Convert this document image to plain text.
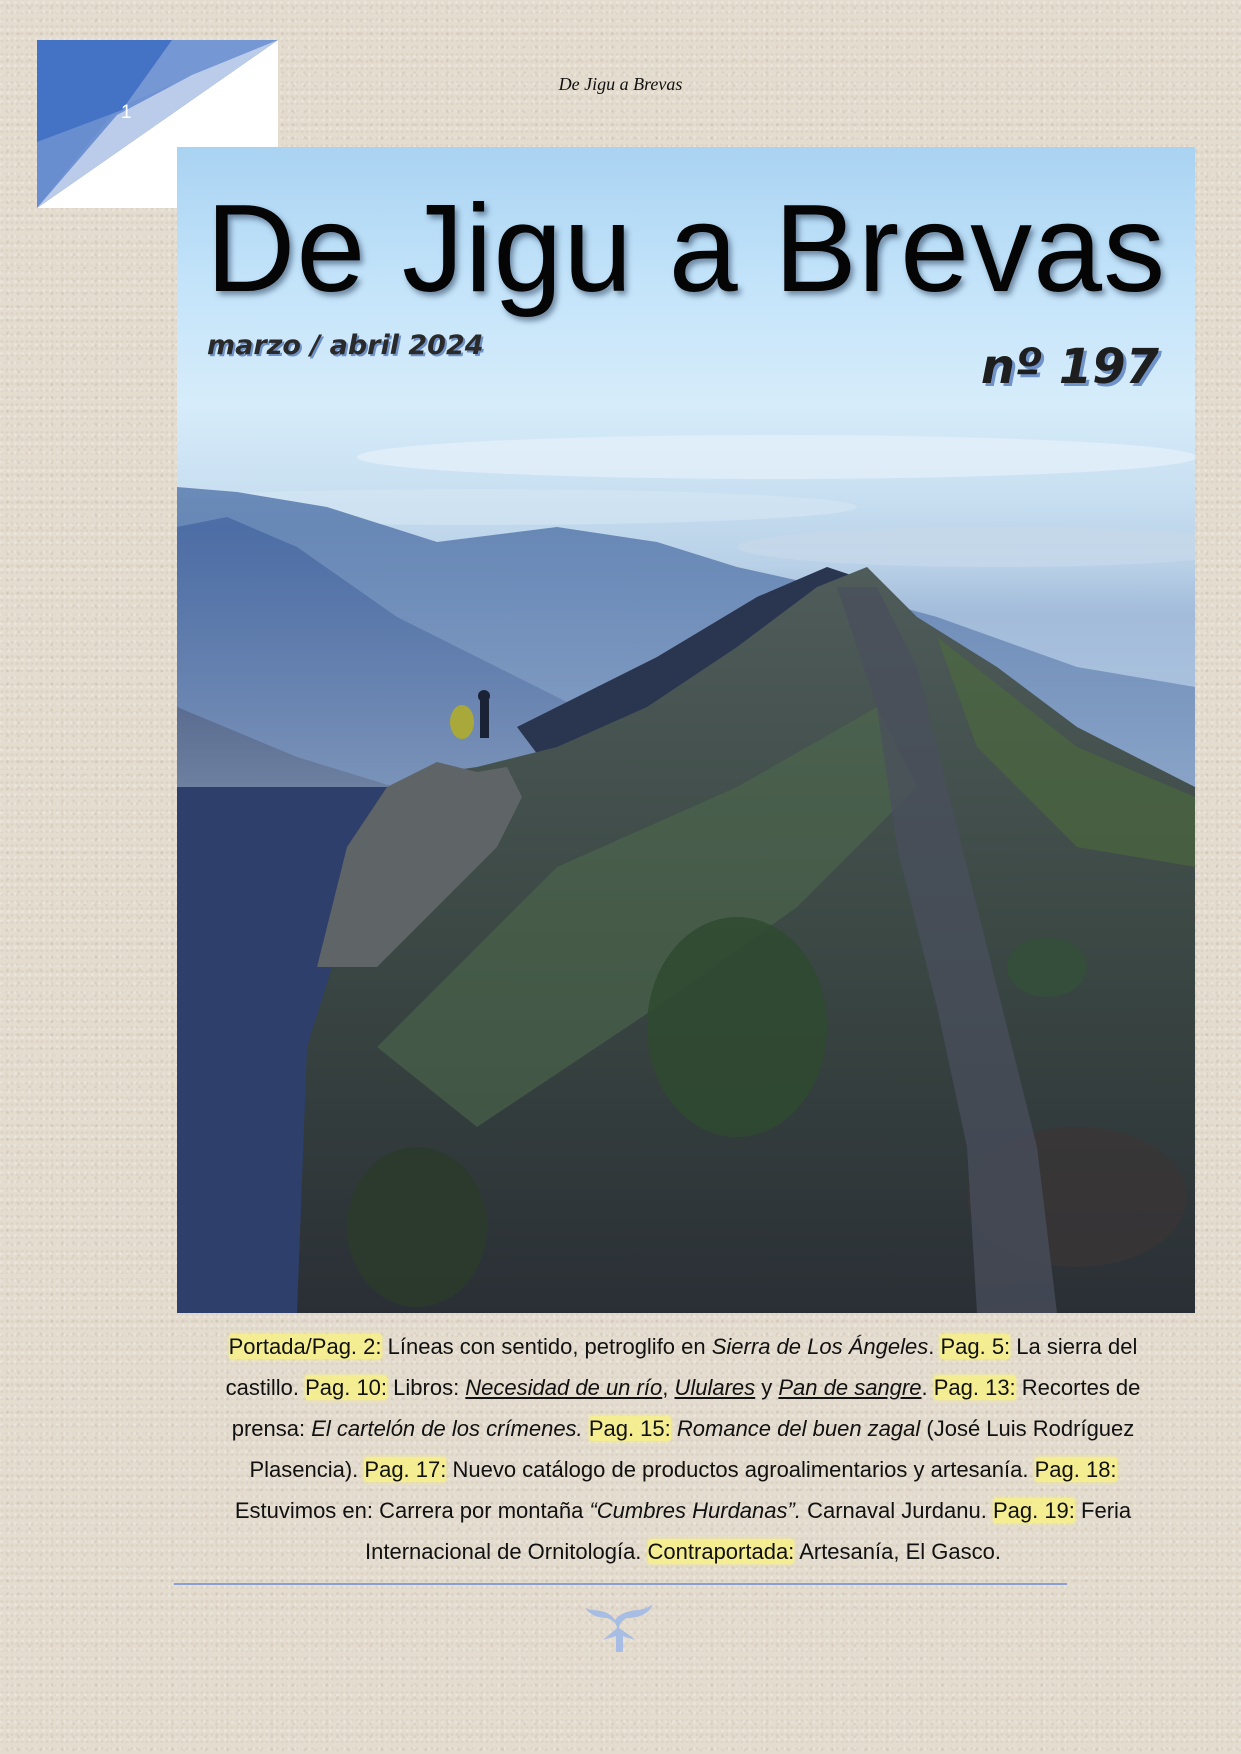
1
De Jigu a Brevas
De Jigu a Brevas
marzo / abril 2024	nº 197
Portada/Pag. 2: Líneas con sentido, petroglifo en Sierra de Los Ángeles. Pag. 5: La sierra del castillo. Pag. 10: Libros: Necesidad de un río, Ululares y Pan de sangre. Pag. 13: Recortes de prensa: El cartelón de los crímenes. Pag. 15: Romance del buen zagal (José Luis Rodríguez Plasencia). Pag. 17: Nuevo catálogo de productos agroalimentarios y artesanía. Pag. 18: Estuvimos en: Carrera por montaña “Cumbres Hurdanas”. Carnaval Jurdanu. Pag. 19: Feria Internacional de Ornitología. Contraportada: Artesanía, El Gasco.
